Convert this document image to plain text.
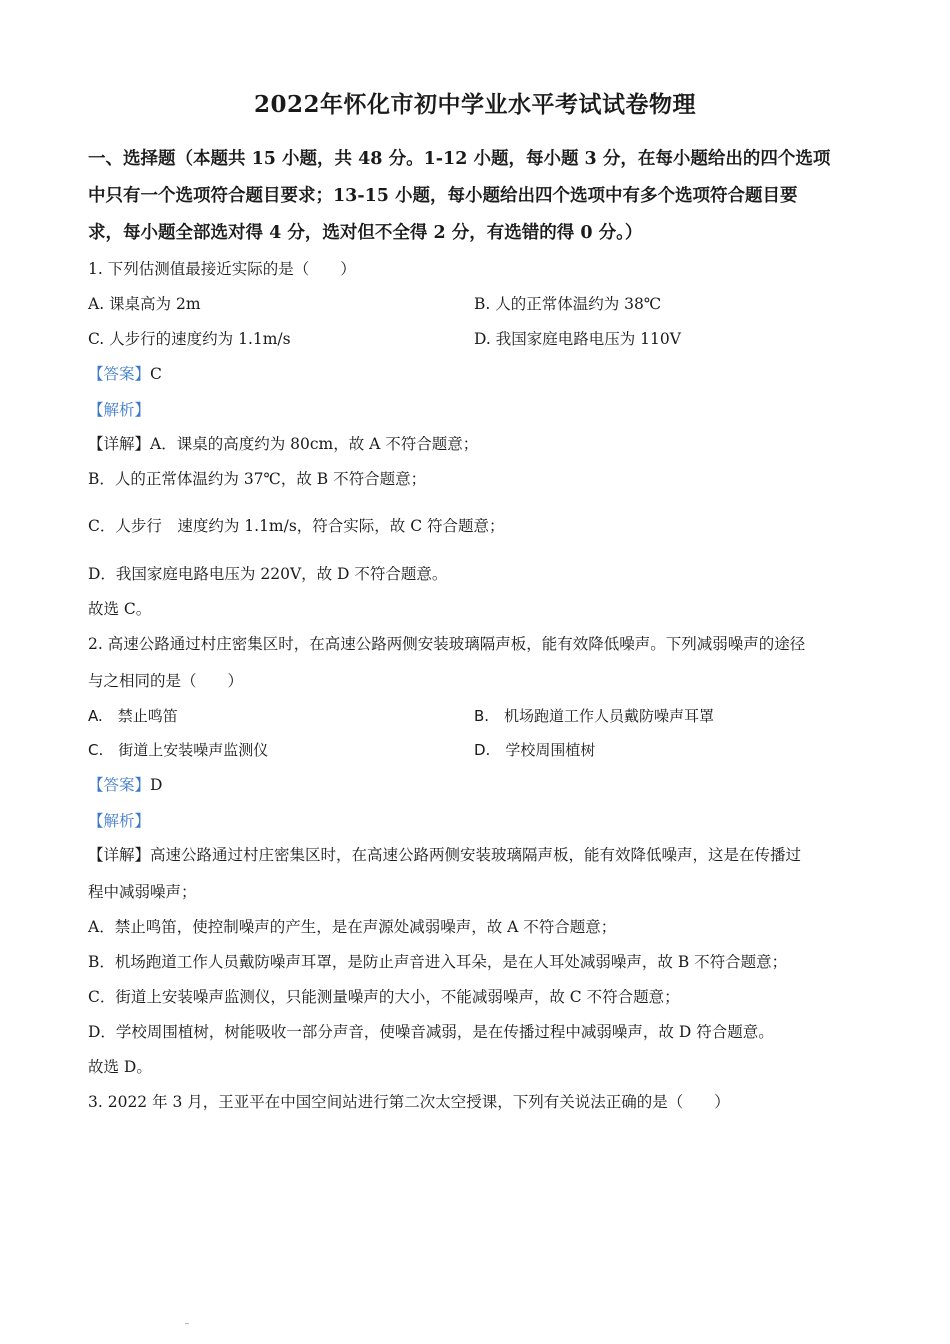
2022年怀化市初中学业水平考试试卷物理
一、选择题（本题共 15 小题，共 48 分。1-12 小题，每小题 3 分，在每小题给出的四个选项
中只有一个选项符合题目要求；13-15 小题，每小题给出四个选项中有多个选项符合题目要
求，每小题全部选对得 4 分，选对但不全得 2 分，有选错的得 0 分。）
1. 下列估测值最接近实际的是（　　）
A. 课桌高为 2m	B. 人的正常体温约为 38℃
C. 人步行的速度约为 1.1m/s	D. 我国家庭电路电压为 110V
【答案】C
【解析】
【详解】A．课桌的高度约为 80cm，故 A 不符合题意；
B．人的正常体温约为 37℃，故 B 不符合题意；
C．人步行　速度约为 1.1m/s，符合实际，故 C 符合题意；
D．我国家庭电路电压为 220V，故 D 不符合题意。
故选 C。
2. 高速公路通过村庄密集区时，在高速公路两侧安装玻璃隔声板，能有效降低噪声。下列减弱噪声的途径
与之相同的是（　　）
A.　禁止鸣笛	B.　机场跑道工作人员戴防噪声耳罩
C.　街道上安装噪声监测仪	D.　学校周围植树
【答案】D
【解析】
【详解】高速公路通过村庄密集区时，在高速公路两侧安装玻璃隔声板，能有效降低噪声，这是在传播过
程中减弱噪声；
A．禁止鸣笛，使控制噪声的产生，是在声源处减弱噪声，故 A 不符合题意；
B．机场跑道工作人员戴防噪声耳罩，是防止声音进入耳朵，是在人耳处减弱噪声，故 B 不符合题意；
C．街道上安装噪声监测仪，只能测量噪声的大小，不能减弱噪声，故 C 不符合题意；
D．学校周围植树，树能吸收一部分声音，使噪音减弱，是在传播过程中减弱噪声，故 D 符合题意。
故选 D。
3. 2022 年 3 月，王亚平在中国空间站进行第二次太空授课，下列有关说法正确的是（　　）
